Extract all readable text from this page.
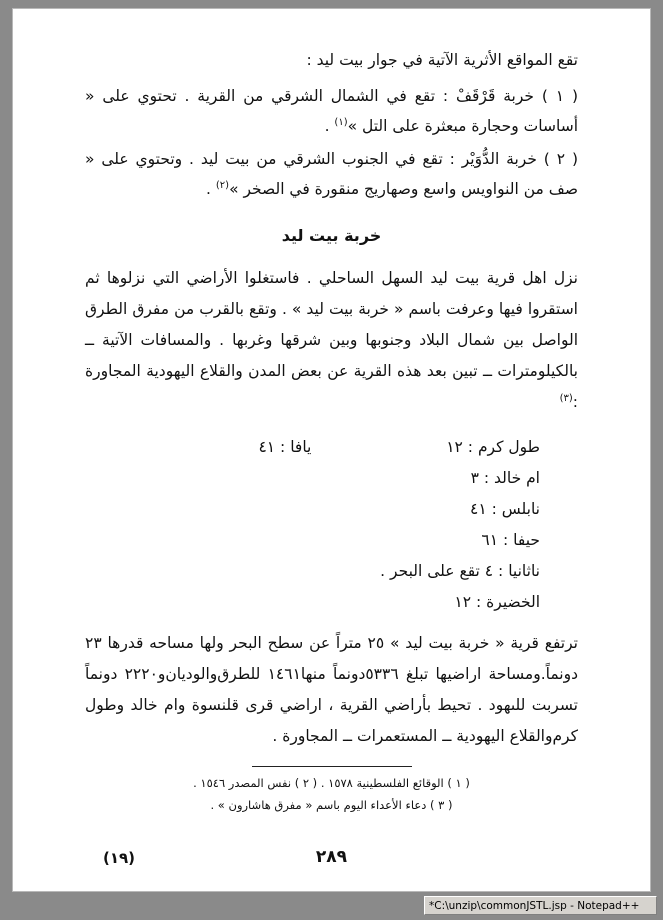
تقع المواقع الأثرية الآتية في جوار بيت ليد :

( ١ ) خربة قَرْقَفْ : تقع في الشمال الشرقي من القرية . تحتوي على « أساسات وحجارة مبعثرة على التل »$^{(١)}$ .

( ٢ ) خربة الدُّوَيْر : تقع في الجنوب الشرقي من بيت ليد . وتحتوي على « صف من النواويس واسع وصهاريج منقورة في الصخر »$^{(٢)}$ .

خربة بيت ليد

نزل اهل قرية بيت ليد السهل الساحلي . فاستغلوا الأراضي التي نزلوها ثم استقروا فيها وعرفت باسم « خربة بيت ليد » . وتقع بالقرب من مفرق الطرق الواصل بين شمال البلاد وجنوبها وبين شرقها وغربها . والمسافات الآتية ــ بالكيلومترات ــ تبين بعد هذه القرية عن بعض المدن والقلاع اليهودية المجاورة :$^{(٣)}$

طول كرم : ١٢	يافا : ٤١
ام خالد : ٣	
نابلس : ٤١	
حيفا : ٦١	
ناثانيا : ٤ تقع على البحر .	
الخضيرة : ١٢	

ترتفع قرية « خربة بيت ليد » ٢٥ متراً عن سطح البحر ولها مساحه قدرها ٢٣ دونماً.ومساحة اراضيها تبلغ ٥٣٣٦دونماً منها١٤٦١ للطرق‌والوديان‌و٢٢٢٠ دونماً تسربت للىهود . تحيط بأراضي القرية ، اراضي قرى قلنسوة وام خالد وطول كرم‌والقلاع اليهودية ــ المستعمرات ــ المجاورة .

( ١ ) الوقائع الفلسطينية ١٥٧٨ . ( ٢ ) نفس المصدر ١٥٤٦ .

( ٣ ) دعاء الأعداء اليوم باسم « مفرق هاشارون » .

٢٨٩
(١٩)
*C:\unzip\commonJSTL.jsp - Notepad++
